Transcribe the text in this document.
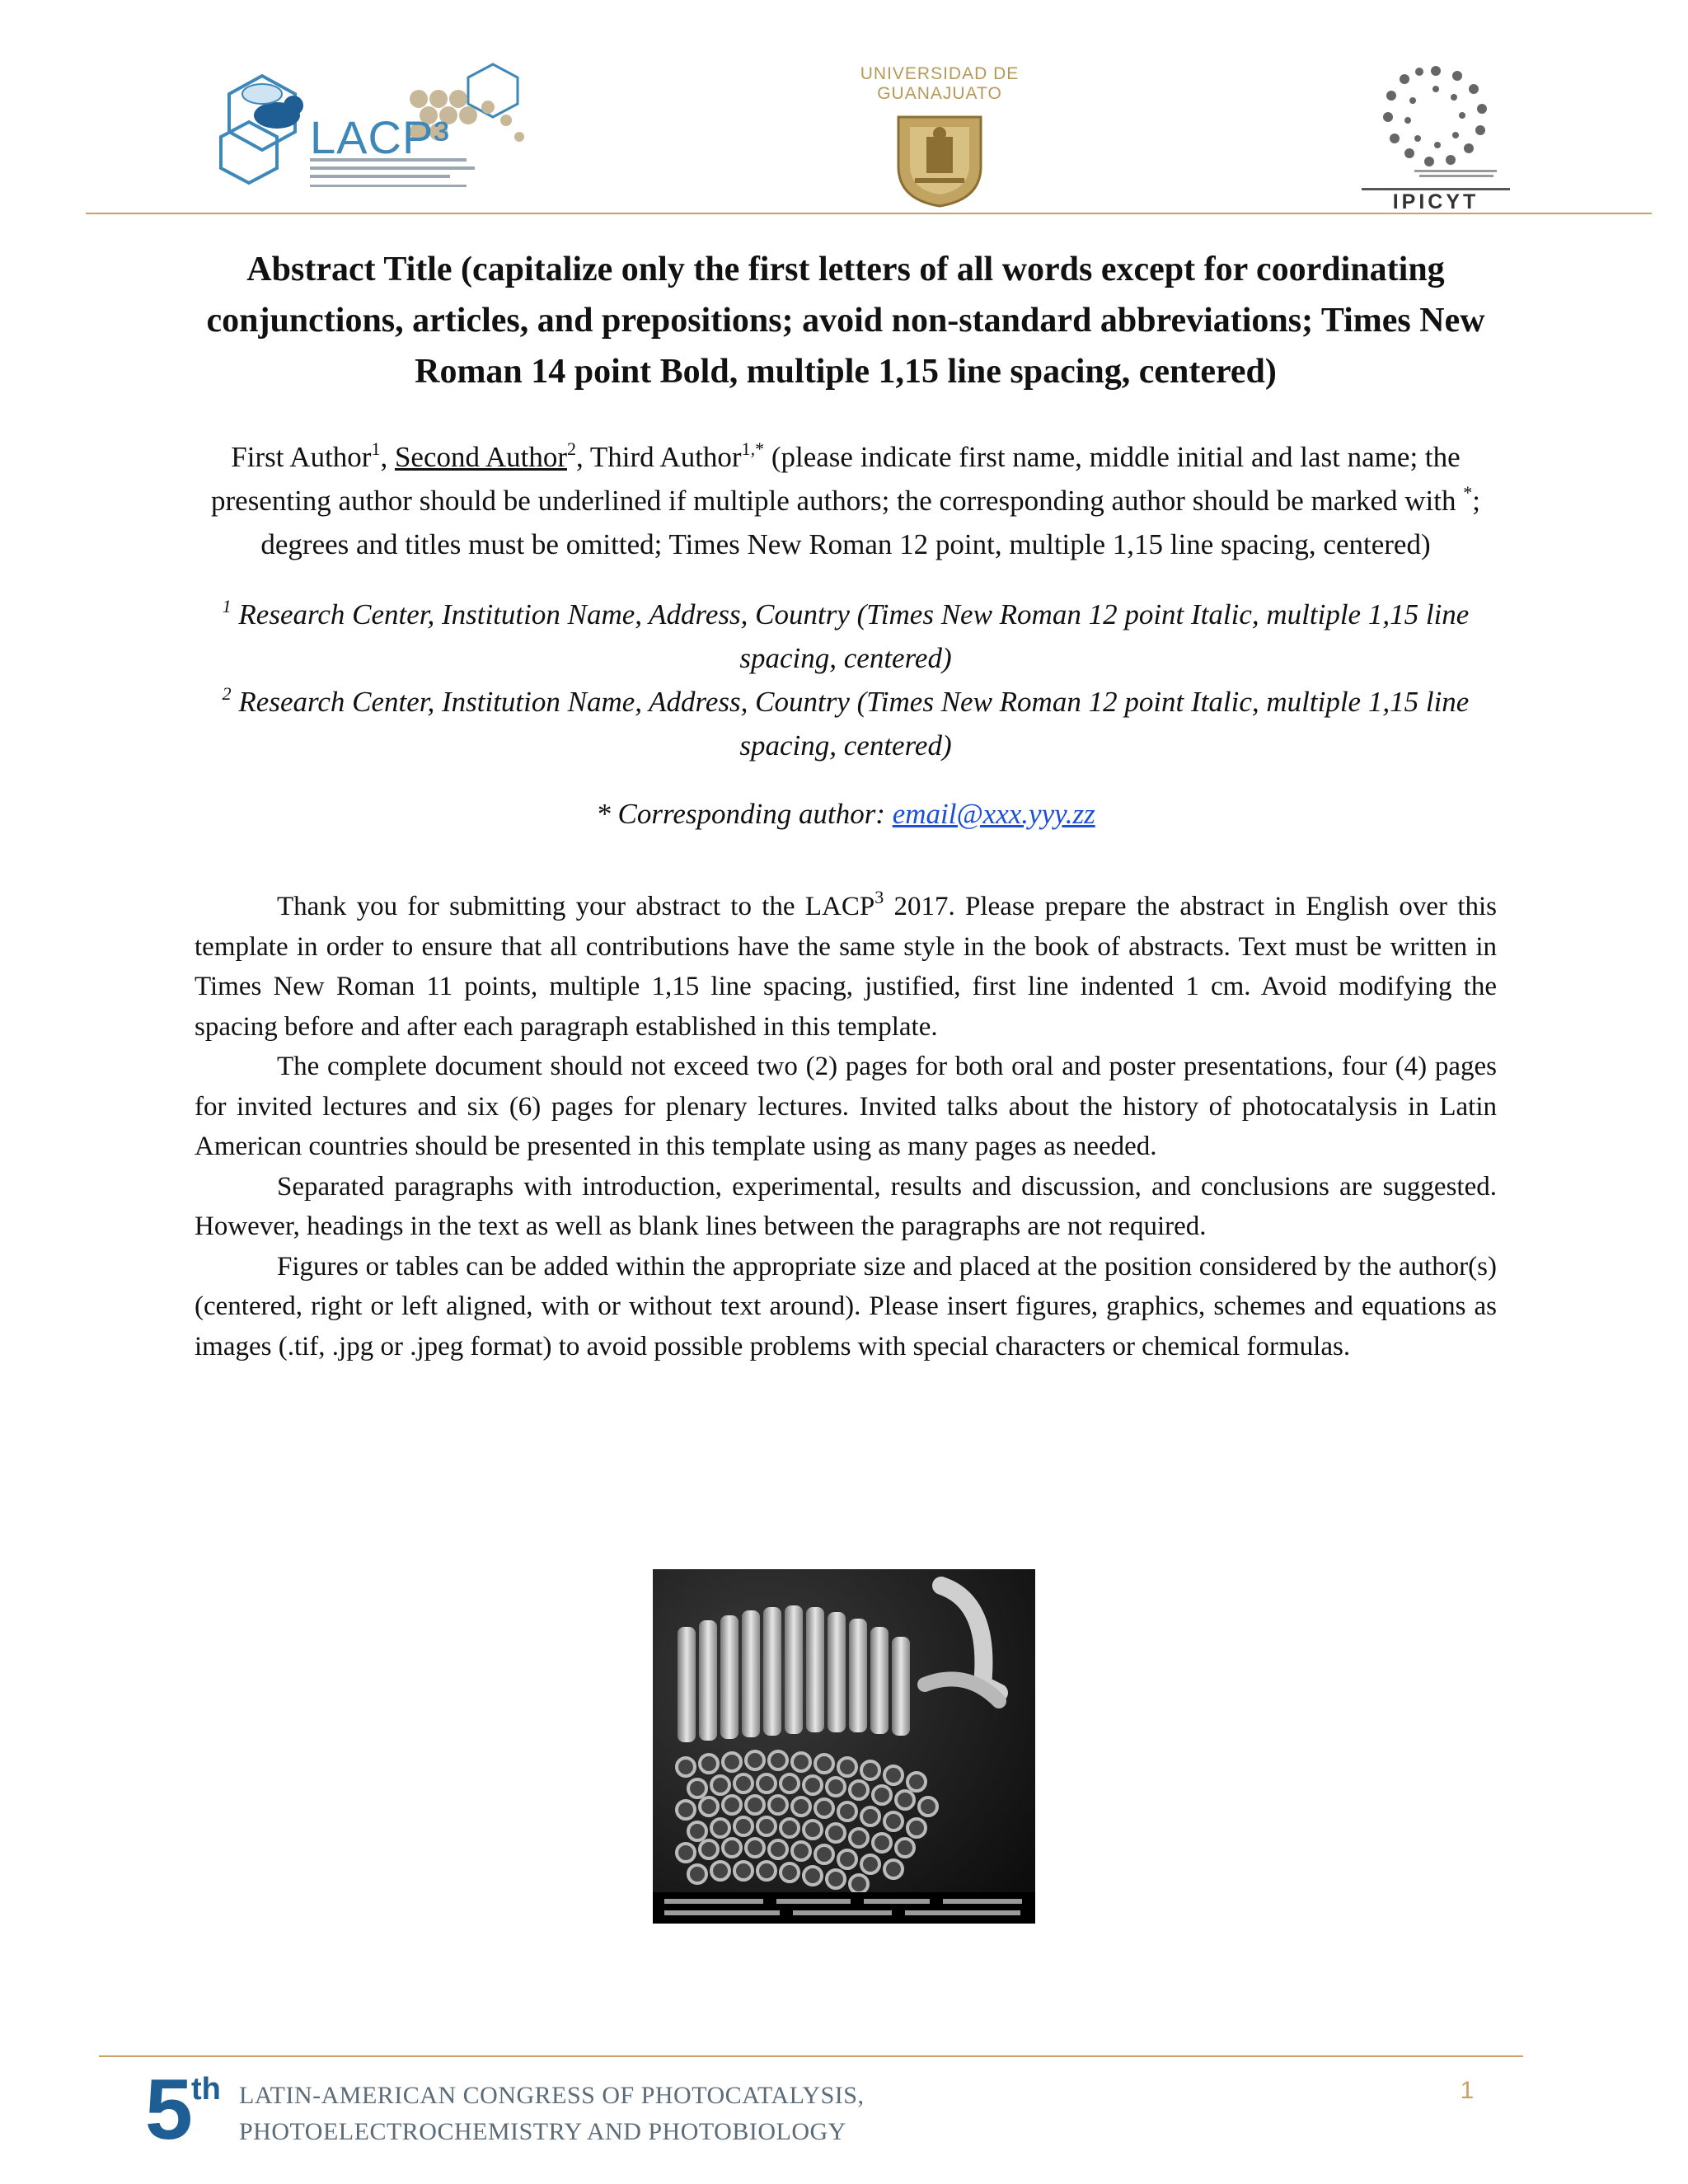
LACP³
UNIVERSIDAD DE GUANAJUATO
IPICYT
Abstract Title (capitalize only the first letters of all words except for coordinating conjunctions, articles, and prepositions; avoid non-standard abbreviations; Times New Roman 14 point Bold, multiple 1,15 line spacing, centered)

First Author$^1$, Second Author$^2$, Third Author$^{1,*}$ (please indicate first name, middle initial and last name; the presenting author should be underlined if multiple authors; the corresponding author should be marked with *; degrees and titles must be omitted; Times New Roman 12 point, multiple 1,15 line spacing, centered)

$^1$ Research Center, Institution Name, Address, Country (Times New Roman 12 point Italic, multiple 1,15 line spacing, centered)

$^2$ Research Center, Institution Name, Address, Country (Times New Roman 12 point Italic, multiple 1,15 line spacing, centered)

* Corresponding author: email@xxx.yyy.zz

Thank you for submitting your abstract to the LACP$^3$ 2017. Please prepare the abstract in English over this template in order to ensure that all contributions have the same style in the book of abstracts. Text must be written in Times New Roman 11 points, multiple 1,15 line spacing, justified, first line indented 1 cm. Avoid modifying the spacing before and after each paragraph established in this template.

The complete document should not exceed two (2) pages for both oral and poster presentations, four (4) pages for invited lectures and six (6) pages for plenary lectures. Invited talks about the history of photocatalysis in Latin American countries should be presented in this template using as many pages as needed.

Separated paragraphs with introduction, experimental, results and discussion, and conclusions are suggested. However, headings in the text as well as blank lines between the paragraphs are not required.

Figures or tables can be added within the appropriate size and placed at the position considered by the author(s) (centered, right or left aligned, with or without text around). Please insert figures, graphics, schemes and equations as images (.tif, .jpg or .jpeg format) to avoid possible problems with special characters or chemical formulas.

1
5
th LATIN-AMERICAN CONGRESS OF PHOTOCATALYSIS,
PHOTOELECTROCHEMISTRY AND PHOTOBIOLOGY
